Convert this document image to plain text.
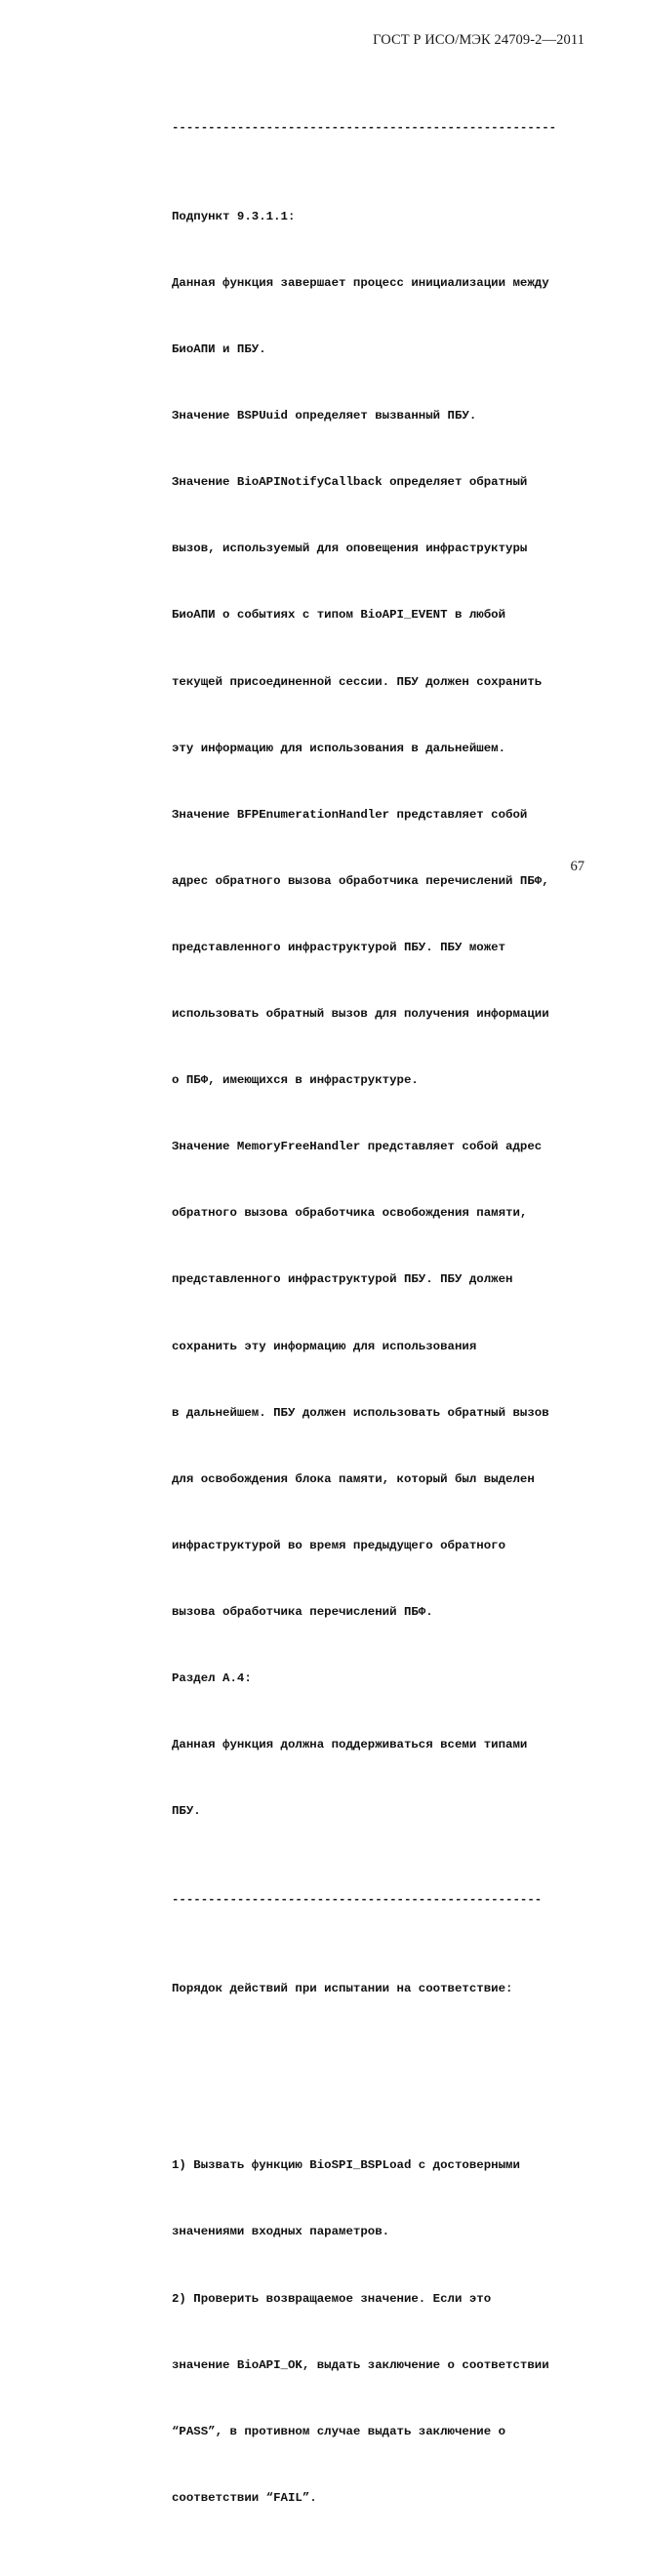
ГОСТ Р ИСО/МЭК 24709-2—2011

-----------------------------------------------------

Подпункт 9.3.1.1:

Данная функция завершает процесс инициализации между

БиоАПИ и ПБУ.

Значение BSPUuid определяет вызванный ПБУ.

Значение BioAPINotifyCallback определяет обратный

вызов, используемый для оповещения инфраструктуры

БиоАПИ о событиях с типом BioAPI_EVENT в любой

текущей присоединенной сессии. ПБУ должен сохранить

эту информацию для использования в дальнейшем.

Значение BFPEnumerationHandler представляет собой

адрес обратного вызова обработчика перечислений ПБФ,

представленного инфраструктурой ПБУ. ПБУ может

использовать обратный вызов для получения информации

о ПБФ, имеющихся в инфраструктуре.

Значение MemoryFreeHandler представляет собой адрес

обратного вызова обработчика освобождения памяти,

представленного инфраструктурой ПБУ. ПБУ должен

сохранить эту информацию для использования

в дальнейшем. ПБУ должен использовать обратный вызов

для освобождения блока памяти, который был выделен

инфраструктурой во время предыдущего обратного

вызова обработчика перечислений ПБФ.

Раздел А.4:

Данная функция должна поддерживаться всеми типами

ПБУ.

---------------------------------------------------

Порядок действий при испытании на соответствие:

1) Вызвать функцию BioSPI_BSPLoad с достоверными

значениями входных параметров.

2) Проверить возвращаемое значение. Если это

значение BioAPI_OK, выдать заключение о соответствии

“PASS”, в противном случае выдать заключение о

соответствии “FAIL”.

67
